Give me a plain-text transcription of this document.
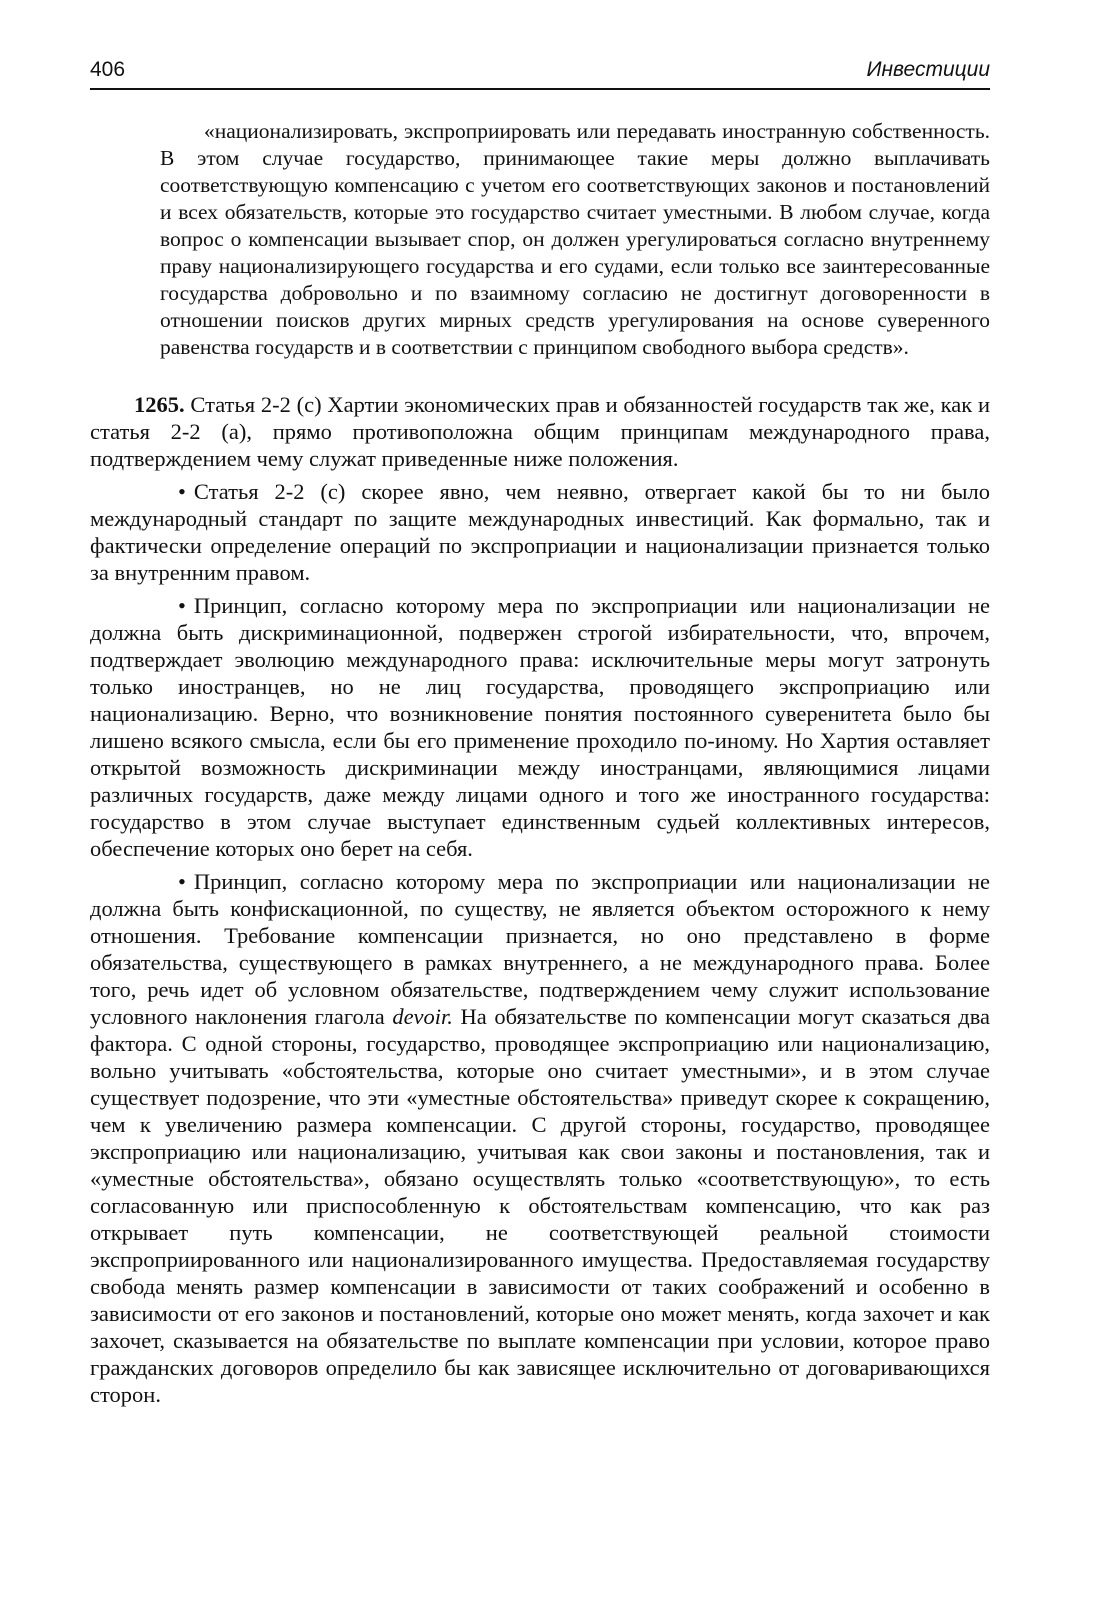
406	Инвестиции
«национализировать, экспроприировать или передавать иностранную собственность. В этом случае государство, принимающее такие меры должно выплачивать соответствующую компенсацию с учетом его соответствующих законов и постановлений и всех обязательств, которые это государство считает уместными. В любом случае, когда вопрос о компенсации вызывает спор, он должен урегулироваться согласно внутреннему праву национализирующего государства и его судами, если только все заинтересованные государства добровольно и по взаимному согласию не достигнут договоренности в отношении поисков других мирных средств урегулирования на основе суверенного равенства государств и в соответствии с принципом свободного выбора средств».

1265. Статья 2-2 (с) Хартии экономических прав и обязанностей государств так же, как и статья 2-2 (а), прямо противоположна общим принципам международного права, подтверждением чему служат приведенные ниже положения.

• Статья 2-2 (с) скорее явно, чем неявно, отвергает какой бы то ни было международный стандарт по защите международных инвестиций. Как формально, так и фактически определение операций по экспроприации и национализации признается только за внутренним правом.

• Принцип, согласно которому мера по экспроприации или национализации не должна быть дискриминационной, подвержен строгой избирательности, что, впрочем, подтверждает эволюцию международного права: исключительные меры могут затронуть только иностранцев, но не лиц государства, проводящего экспроприацию или национализацию. Верно, что возникновение понятия постоянного суверенитета было бы лишено всякого смысла, если бы его применение проходило по-иному. Но Хартия оставляет открытой возможность дискриминации между иностранцами, являющимися лицами различных государств, даже между лицами одного и того же иностранного государства: государство в этом случае выступает единственным судьей коллективных интересов, обеспечение которых оно берет на себя.

• Принцип, согласно которому мера по экспроприации или национализации не должна быть конфискационной, по существу, не является объектом осторожного к нему отношения. Требование компенсации признается, но оно представлено в форме обязательства, существующего в рамках внутреннего, а не международного права. Более того, речь идет об условном обязательстве, подтверждением чему служит использование условного наклонения глагола devoir. На обязательстве по компенсации могут сказаться два фактора. С одной стороны, государство, проводящее экспроприацию или национализацию, вольно учитывать «обстоятельства, которые оно считает уместными», и в этом случае существует подозрение, что эти «уместные обстоятельства» приведут скорее к сокращению, чем к увеличению размера компенсации. С другой стороны, государство, проводящее экспроприацию или национализацию, учитывая как свои законы и постановления, так и «уместные обстоятельства», обязано осуществлять только «соответствующую», то есть согласованную или приспособленную к обстоятельствам компенсацию, что как раз открывает путь компенсации, не соответствующей реальной стоимости экспроприированного или национализированного имущества. Предоставляемая государству свобода менять размер компенсации в зависимости от таких соображений и особенно в зависимости от его законов и постановлений, которые оно может менять, когда захочет и как захочет, сказывается на обязательстве по выплате компенсации при условии, которое право гражданских договоров определило бы как зависящее исключительно от договаривающихся сторон.
